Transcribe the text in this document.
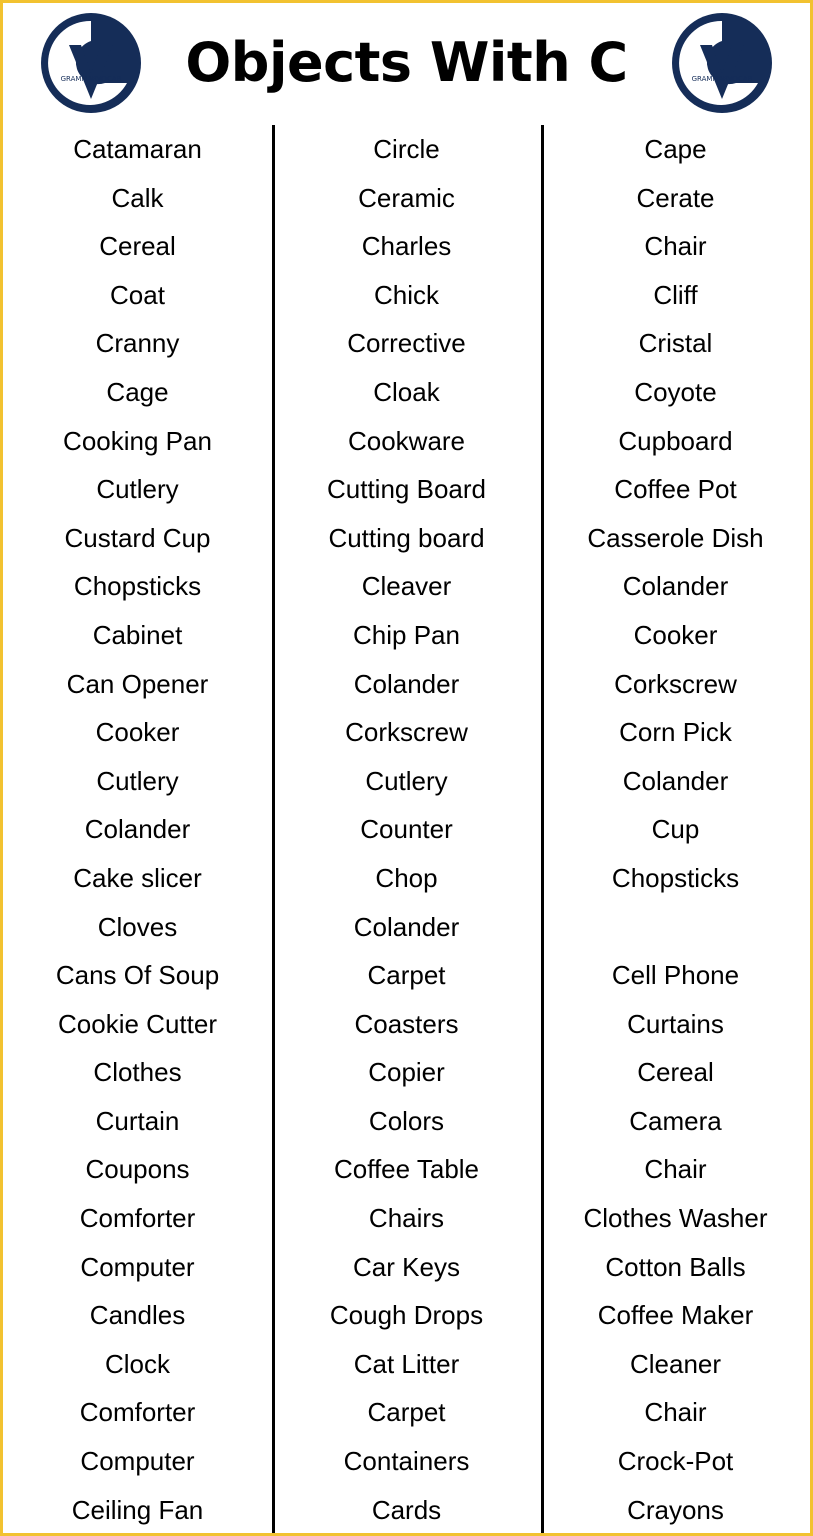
GRAMMARVOCAB Objects With C	GRAMMARVOCAB
Catamaran
Calk
Cereal
Coat
Cranny
Cage
Cooking Pan
Cutlery
Custard Cup
Chopsticks
Cabinet
Can Opener
Cooker
Cutlery
Colander
Cake slicer
Cloves
Cans Of Soup
Cookie Cutter
Clothes
Curtain
Coupons
Comforter
Computer
Candles
Clock
Comforter
Computer
Ceiling Fan
Circle
Ceramic
Charles
Chick
Corrective
Cloak
Cookware
Cutting Board
Cutting board
Cleaver
Chip Pan
Colander
Corkscrew
Cutlery
Counter
Chop
Colander
Carpet
Coasters
Copier
Colors
Coffee Table
Chairs
Car Keys
Cough Drops
Cat Litter
Carpet
Containers
Cards
Cape
Cerate
Chair
Cliff
Cristal
Coyote
Cupboard
Coffee Pot
Casserole Dish
Colander
Cooker
Corkscrew
Corn Pick
Colander
Cup
Chopsticks

Cell Phone
Curtains
Cereal
Camera
Chair
Clothes Washer
Cotton Balls
Coffee Maker
Cleaner
Chair
Crock-Pot
Crayons
